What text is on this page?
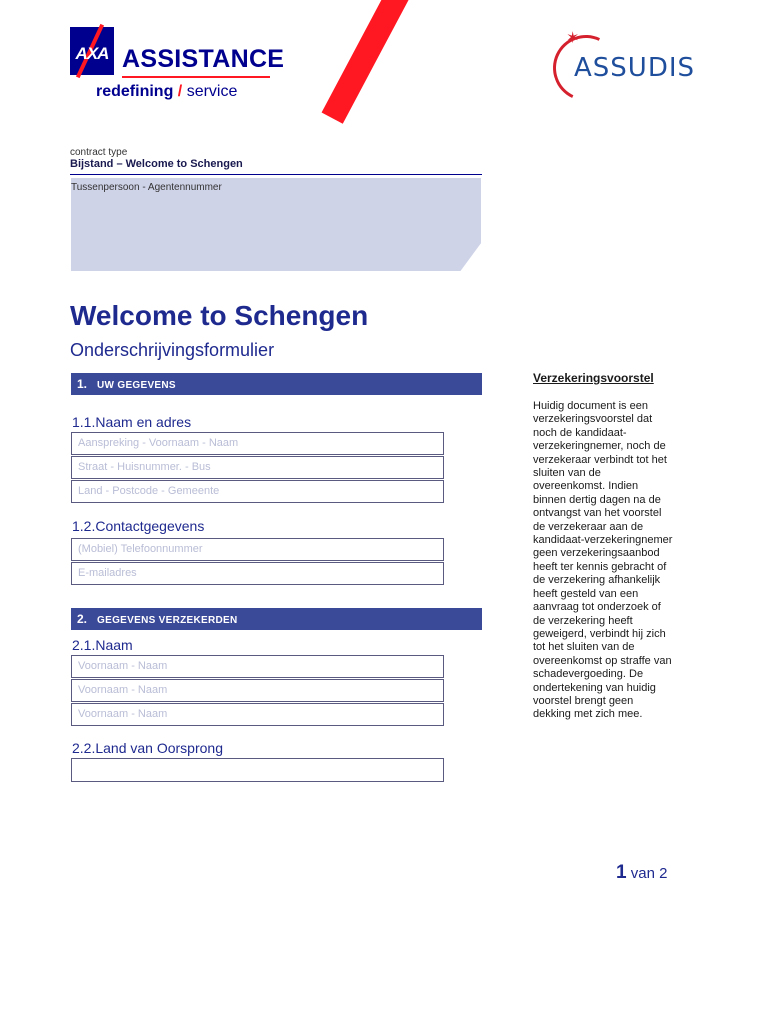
AXA ASSISTANCE
redefining / service
✶
ASSUDIS
contract type
Bijstand – Welcome to Schengen
Tussenpersoon - Agentennummer
Welcome to Schengen
Onderschrijvingsformulier
1. UW GEGEVENS
1.1.Naam en adres
Aanspreking - Voornaam - Naam
Straat - Huisnummer. - Bus
Land - Postcode - Gemeente
1.2.Contactgegevens
(Mobiel) Telefoonnummer
E-mailadres
2. GEGEVENS VERZEKERDEN
2.1.Naam
Voornaam - Naam
Voornaam - Naam
Voornaam - Naam
2.2.Land van Oorsprong
Verzekeringsvoorstel
Huidig document is een verzekeringsvoorstel dat noch de kandidaat-verzekeringnemer, noch de verzekeraar verbindt tot het sluiten van de overeenkomst. Indien binnen dertig dagen na de ontvangst van het voorstel de verzekeraar aan de kandidaat-verzekeringnemer geen verzekeringsaanbod heeft ter kennis gebracht of de verzekering afhankelijk heeft gesteld van een aanvraag tot onderzoek of de verzekering heeft geweigerd, verbindt hij zich tot het sluiten van de overeenkomst op straffe van schadevergoeding. De ondertekening van huidig voorstel brengt geen dekking met zich mee.
1 van 2
